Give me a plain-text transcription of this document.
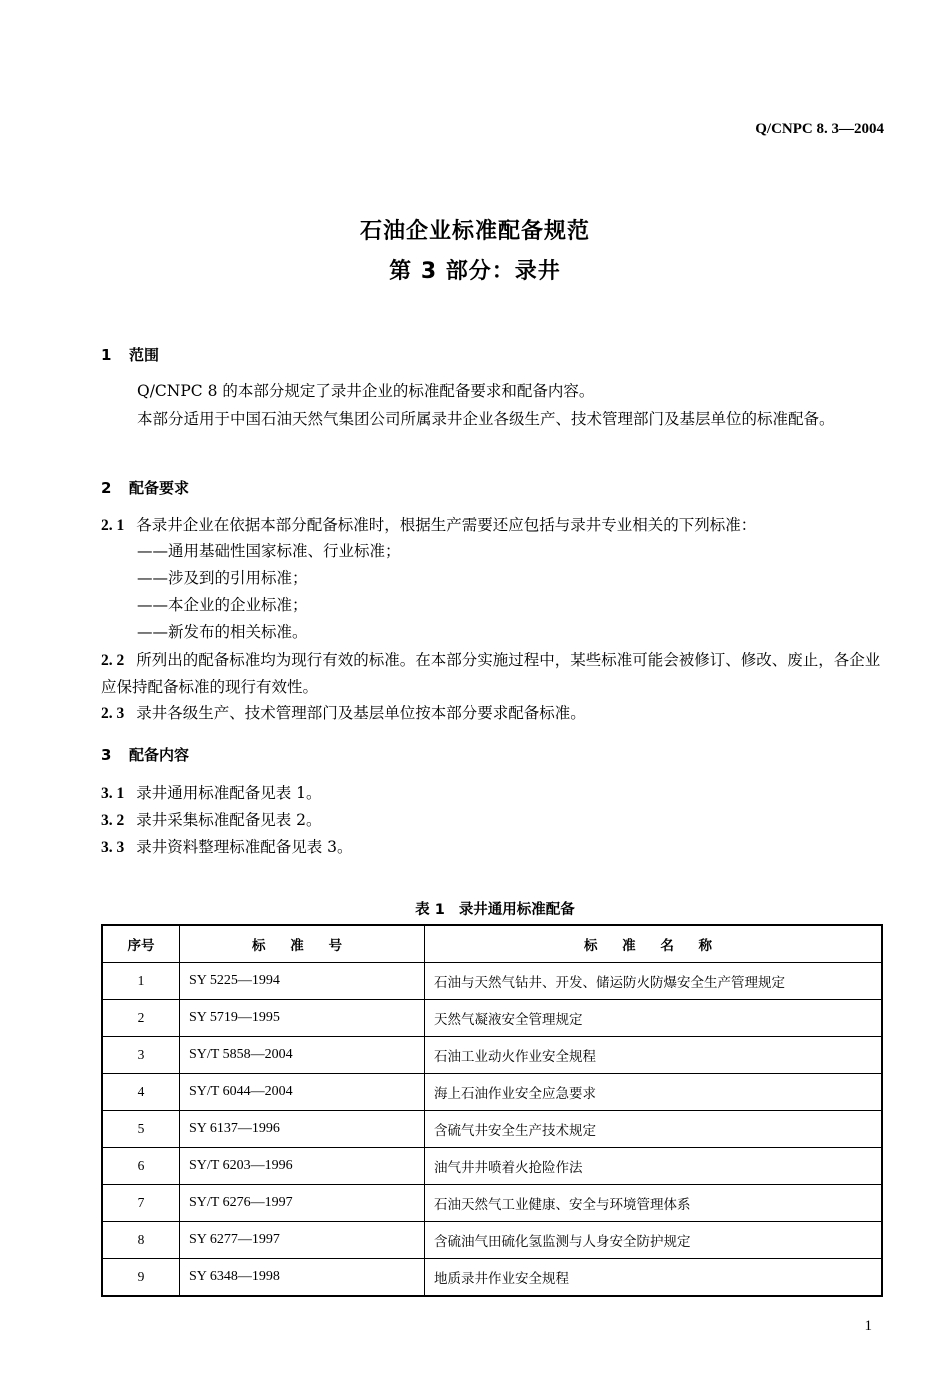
Q/CNPC 8. 3—2004
石油企业标准配备规范
第 3 部分：录井
1 范围
Q/CNPC 8 的本部分规定了录井企业的标准配备要求和配备内容。
本部分适用于中国石油天然气集团公司所属录井企业各级生产、技术管理部门及基层单位的标准配备。
2 配备要求
2. 1 各录井企业在依据本部分配备标准时，根据生产需要还应包括与录井专业相关的下列标准：
——通用基础性国家标准、行业标准；
——涉及到的引用标准；
——本企业的企业标准；
——新发布的相关标准。
2. 2 所列出的配备标准均为现行有效的标准。在本部分实施过程中，某些标准可能会被修订、修改、废止，各企业应保持配备标准的现行有效性。
2. 3 录井各级生产、技术管理部门及基层单位按本部分要求配备标准。
3 配备内容
3. 1 录井通用标准配备见表 1。
3. 2 录井采集标准配备见表 2。
3. 3 录井资料整理标准配备见表 3。
表 1 录井通用标准配备
序号	标 准 号	标 准 名 称
1	SY 5225—1994	石油与天然气钻井、开发、储运防火防爆安全生产管理规定
2	SY 5719—1995	天然气凝液安全管理规定
3	SY/T 5858—2004	石油工业动火作业安全规程
4	SY/T 6044—2004	海上石油作业安全应急要求
5	SY 6137—1996	含硫气井安全生产技术规定
6	SY/T 6203—1996	油气井井喷着火抢险作法
7	SY/T 6276—1997	石油天然气工业健康、安全与环境管理体系
8	SY 6277—1997	含硫油气田硫化氢监测与人身安全防护规定
9	SY 6348—1998	地质录井作业安全规程
1
